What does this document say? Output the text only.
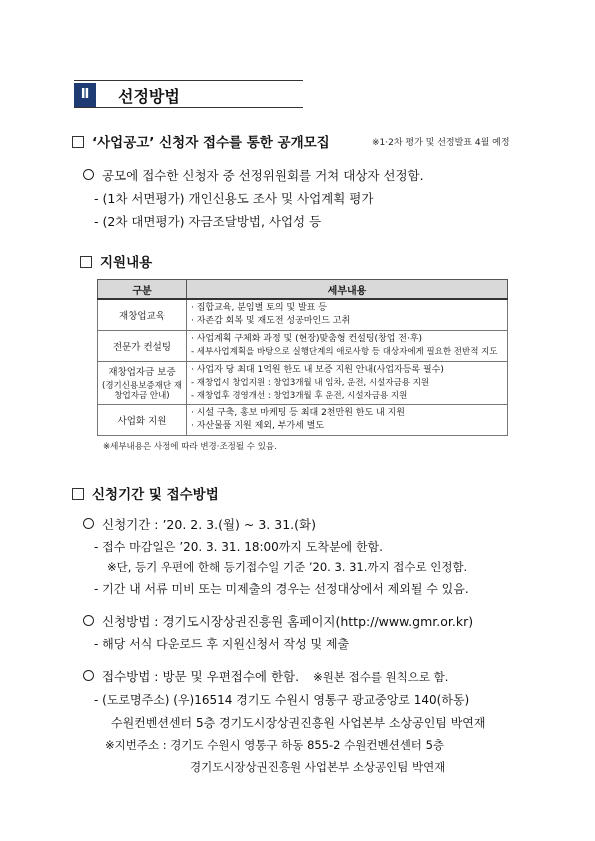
Ⅱ	선정방법
‘사업공고’ 신청자 접수를 통한 공개모집	※1·2차 평가 및 선정발표 4월 예정
공모에 접수한 신청자 중 선정위원회를 거쳐 대상자 선정함.
- (1차 서면평가) 개인신용도 조사 및 사업계획 평가
- (2차 대면평가) 자금조달방법, 사업성 등
지원내용
구분	세부내용
재창업교육	· 집합교육, 분임별 토의 및 발표 등
· 자존감 회복 및 재도전 성공마인드 고취

전문가 컨설팅	· 사업계획 구체화 과정 및 (현장)맞춤형 컨설팅(창업 전·후)
- 세부사업계획을 바탕으로 실행단계의 애로사항 등 대상자에게 필요한 전반적 지도

재창업자금 보증
(경기신용보증재단 재창업자금 안내)	· 사업자 당 최대 1억원 한도 내 보증 지원 안내(사업자등록 필수)
- 재창업시 창업지원 : 창업3개월 내 임차, 운전, 시설자금용 지원
- 재창업후 경영개선 : 창업3개월 후 운전, 시설자금용 지원

사업화 지원	· 시설 구축, 홍보 마케팅 등 최대 2천만원 한도 내 지원
· 자산물품 지원 제외, 부가세 별도
※세부내용은 사정에 따라 변경·조정될 수 있음.
신청기간 및 접수방법
신청기간 : ’20. 2. 3.(월) ~ 3. 31.(화)
- 접수 마감일은 ’20. 3. 31. 18:00까지 도착분에 한함.
※단, 등기 우편에 한해 등기접수일 기준 ’20. 3. 31.까지 접수로 인정함.
- 기간 내 서류 미비 또는 미제출의 경우는 선정대상에서 제외될 수 있음.
신청방법 : 경기도시장상권진흥원 홈페이지(http://www.gmr.or.kr)
- 해당 서식 다운로드 후 지원신청서 작성 및 제출
접수방법 : 방문 및 우편접수에 한함. ※원본 접수를 원칙으로 함.
- (도로명주소) (우)16514 경기도 수원시 영통구 광교중앙로 140(하동)
수원컨벤션센터 5층 경기도시장상권진흥원 사업본부 소상공인팀 박연재
※지번주소 : 경기도 수원시 영통구 하동 855-2 수원컨벤션센터 5층
경기도시장상권진흥원 사업본부 소상공인팀 박연재
